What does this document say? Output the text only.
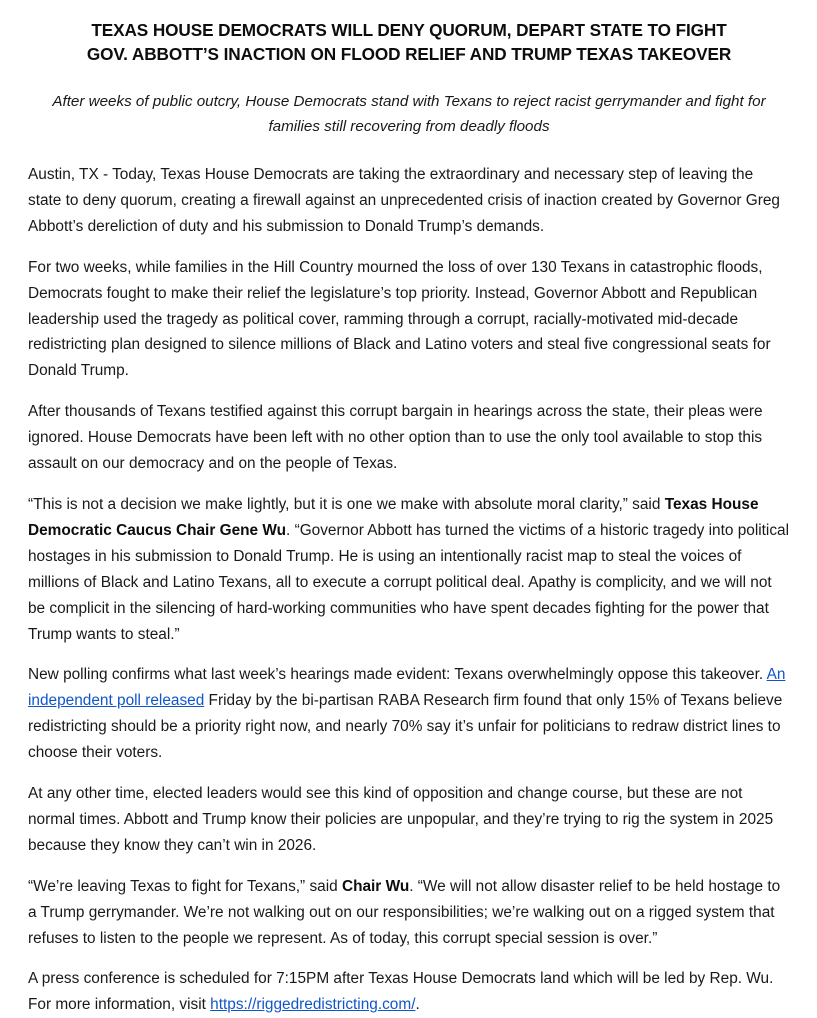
TEXAS HOUSE DEMOCRATS WILL DENY QUORUM, DEPART STATE TO FIGHT
GOV. ABBOTT’S INACTION ON FLOOD RELIEF AND TRUMP TEXAS TAKEOVER
After weeks of public outcry, House Democrats stand with Texans to reject racist gerrymander and fight for families still recovering from deadly floods

Austin, TX - Today, Texas House Democrats are taking the extraordinary and necessary step of leaving the state to deny quorum, creating a firewall against an unprecedented crisis of inaction created by Governor Greg Abbott’s dereliction of duty and his submission to Donald Trump’s demands.

For two weeks, while families in the Hill Country mourned the loss of over 130 Texans in catastrophic floods, Democrats fought to make their relief the legislature’s top priority. Instead, Governor Abbott and Republican leadership used the tragedy as political cover, ramming through a corrupt, racially-motivated mid-decade redistricting plan designed to silence millions of Black and Latino voters and steal five congressional seats for Donald Trump.

After thousands of Texans testified against this corrupt bargain in hearings across the state, their pleas were ignored. House Democrats have been left with no other option than to use the only tool available to stop this assault on our democracy and on the people of Texas.

“This is not a decision we make lightly, but it is one we make with absolute moral clarity,” said Texas House Democratic Caucus Chair Gene Wu. “Governor Abbott has turned the victims of a historic tragedy into political hostages in his submission to Donald Trump. He is using an intentionally racist map to steal the voices of millions of Black and Latino Texans, all to execute a corrupt political deal. Apathy is complicity, and we will not be complicit in the silencing of hard-working communities who have spent decades fighting for the power that Trump wants to steal.”

New polling confirms what last week’s hearings made evident: Texans overwhelmingly oppose this takeover. An independent poll released Friday by the bi-partisan RABA Research firm found that only 15% of Texans believe redistricting should be a priority right now, and nearly 70% say it’s unfair for politicians to redraw district lines to choose their voters.

At any other time, elected leaders would see this kind of opposition and change course, but these are not normal times. Abbott and Trump know their policies are unpopular, and they’re trying to rig the system in 2025 because they know they can’t win in 2026.

“We’re leaving Texas to fight for Texans,” said Chair Wu. “We will not allow disaster relief to be held hostage to a Trump gerrymander. We’re not walking out on our responsibilities; we’re walking out on a rigged system that refuses to listen to the people we represent. As of today, this corrupt special session is over.”

A press conference is scheduled for 7:15PM after Texas House Democrats land which will be led by Rep. Wu. For more information, visit https://riggedredistricting.com/.
